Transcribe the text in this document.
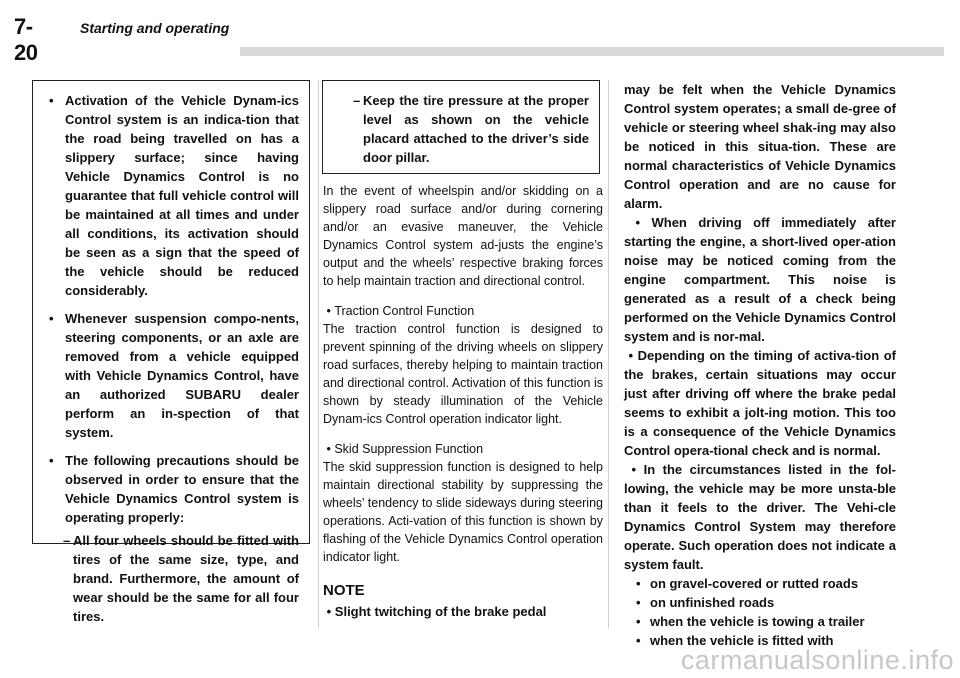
7-20
Starting and operating
• Activation of the Vehicle Dynam-ics Control system is an indica-tion that the road being travelled on has a slippery surface; since having Vehicle Dynamics Control is no guarantee that full vehicle control will be maintained at all times and under all conditions, its activation should be seen as a sign that the speed of the vehicle should be reduced considerably.
• Whenever suspension compo-nents, steering components, or an axle are removed from a vehicle equipped with Vehicle Dynamics Control, have an authorized SUBARU dealer perform an in-spection of that system.
• The following precautions should be observed in order to ensure that the Vehicle Dynamics Control system is operating properly:
– All four wheels should be fitted with tires of the same size, type, and brand. Furthermore, the amount of wear should be the same for all four tires.
– Keep the tire pressure at the proper level as shown on the vehicle placard attached to the driver’s side door pillar.

In the event of wheelspin and/or skidding on a slippery road surface and/or during cornering and/or an evasive maneuver, the Vehicle Dynamics Control system ad-justs the engine’s output and the wheels’ respective braking forces to help maintain traction and directional control.

• Traction Control Function

The traction control function is designed to prevent spinning of the driving wheels on slippery road surfaces, thereby helping to maintain traction and directional control. Activation of this function is shown by steady illumination of the Vehicle Dynam-ics Control operation indicator light.

• Skid Suppression Function

The skid suppression function is designed to help maintain directional stability by suppressing the wheels’ tendency to slide sideways during steering operations. Acti-vation of this function is shown by flashing of the Vehicle Dynamics Control operation indicator light.

NOTE
• Slight twitching of the brake pedal
may be felt when the Vehicle Dynamics Control system operates; a small de-gree of vehicle or steering wheel shak-ing may also be noticed in this situa-tion. These are normal characteristics of Vehicle Dynamics Control operation and are no cause for alarm.
• When driving off immediately after starting the engine, a short-lived oper-ation noise may be noticed coming from the engine compartment. This noise is generated as a result of a check being performed on the Vehicle Dynamics Control system and is nor-mal.
• Depending on the timing of activa-tion of the brakes, certain situations may occur just after driving off where the brake pedal seems to exhibit a jolt-ing motion. This too is a consequence of the Vehicle Dynamics Control opera-tional check and is normal.
• In the circumstances listed in the fol-lowing, the vehicle may be more unsta-ble than it feels to the driver. The Vehi-cle Dynamics Control System may therefore operate. Such operation does not indicate a system fault.
• on gravel-covered or rutted roads
• on unfinished roads
• when the vehicle is towing a trailer
• when the vehicle is fitted with
carmanualsonline.info
